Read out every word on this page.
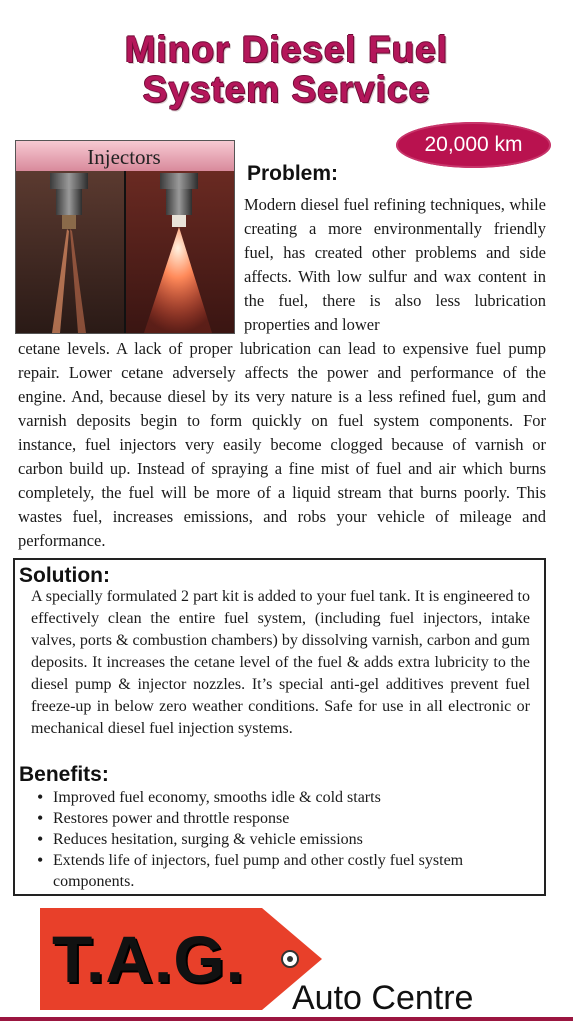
Minor Diesel Fuel
System Service
20,000 km
Injectors
Problem:

Modern diesel fuel refining techniques, while creating a more environmentally friendly fuel, has created other problems and side affects. With low sulfur and wax content in the fuel, there is also less lubrication properties and lower

cetane levels. A lack of proper lubrication can lead to expensive fuel pump repair. Lower cetane adversely affects the power and performance of the engine. And, because diesel by its very nature is a less refined fuel, gum and varnish deposits begin to form quickly on fuel system components. For instance, fuel injectors very easily become clogged because of varnish or carbon build up. Instead of spraying a fine mist of fuel and air which burns completely, the fuel will be more of a liquid stream that burns poorly. This wastes fuel, increases emissions, and robs your vehicle of mileage and performance.

Solution:

A specially formulated 2 part kit is added to your fuel tank. It is engineered to effectively clean the entire fuel system, (including fuel injectors, intake valves, ports & combustion chambers) by dissolving varnish, carbon and gum deposits. It increases the cetane level of the fuel & adds extra lubricity to the diesel pump & injector nozzles. It’s special anti-gel additives prevent fuel freeze-up in below zero weather conditions. Safe for use in all electronic or mechanical diesel fuel injection systems.

Benefits:
• Improved fuel economy, smooths idle & cold starts
• Restores power and throttle response
• Reduces hesitation, surging & vehicle emissions
• Extends life of injectors, fuel pump and other costly fuel system components.
T.A.G.
Auto Centre
